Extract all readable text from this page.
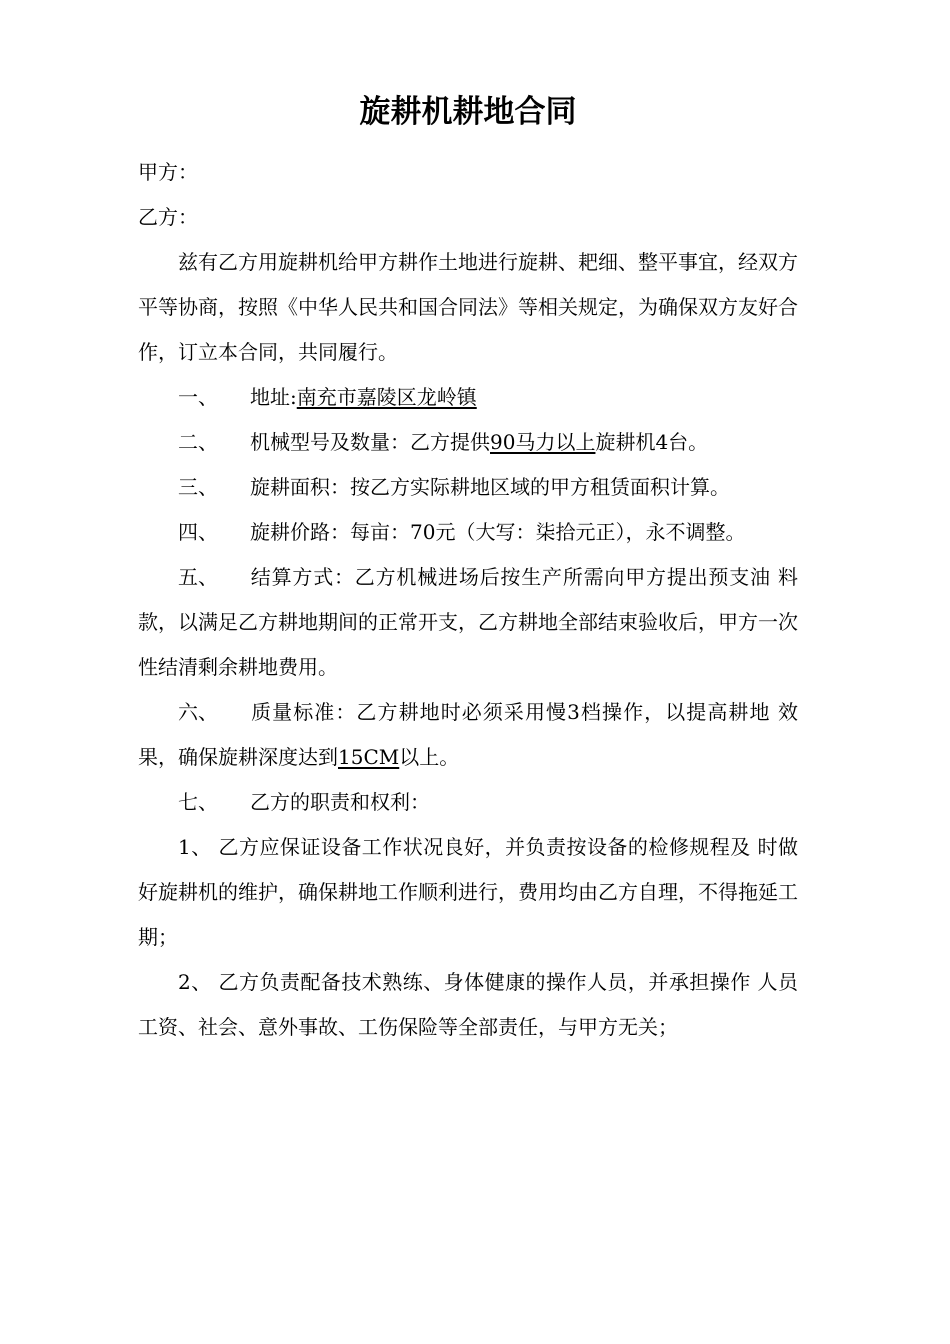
旋耕机耕地合同

甲方：

乙方：

兹有乙方用旋耕机给甲方耕作土地进行旋耕、耙细、整平事宜，经双方平等协商，按照《中华人民共和国合同法》等相关规定，为确保双方友好合作，订立本合同，共同履行。

一、 地址:南充市嘉陵区龙岭镇

二、 机械型号及数量：乙方提供90马力以上旋耕机4台。

三、 旋耕面积：按乙方实际耕地区域的甲方租赁面积计算。

四、 旋耕价路：每亩：70元（大写：柒拾元正），永不调整。

五、 结算方式：乙方机械进场后按生产所需向甲方提出预支油 料款，以满足乙方耕地期间的正常开支，乙方耕地全部结束验收后，甲方一次性结清剩余耕地费用。

六、 质量标准：乙方耕地时必须采用慢3档操作，以提高耕地 效果，确保旋耕深度达到15CM以上。

七、 乙方的职责和权利：

1、 乙方应保证设备工作状况良好，并负责按设备的检修规程及 时做好旋耕机的维护，确保耕地工作顺利进行，费用均由乙方自理，不得拖延工期；

2、 乙方负责配备技术熟练、身体健康的操作人员，并承担操作 人员工资、社会、意外事故、工伤保险等全部责任，与甲方无关；
